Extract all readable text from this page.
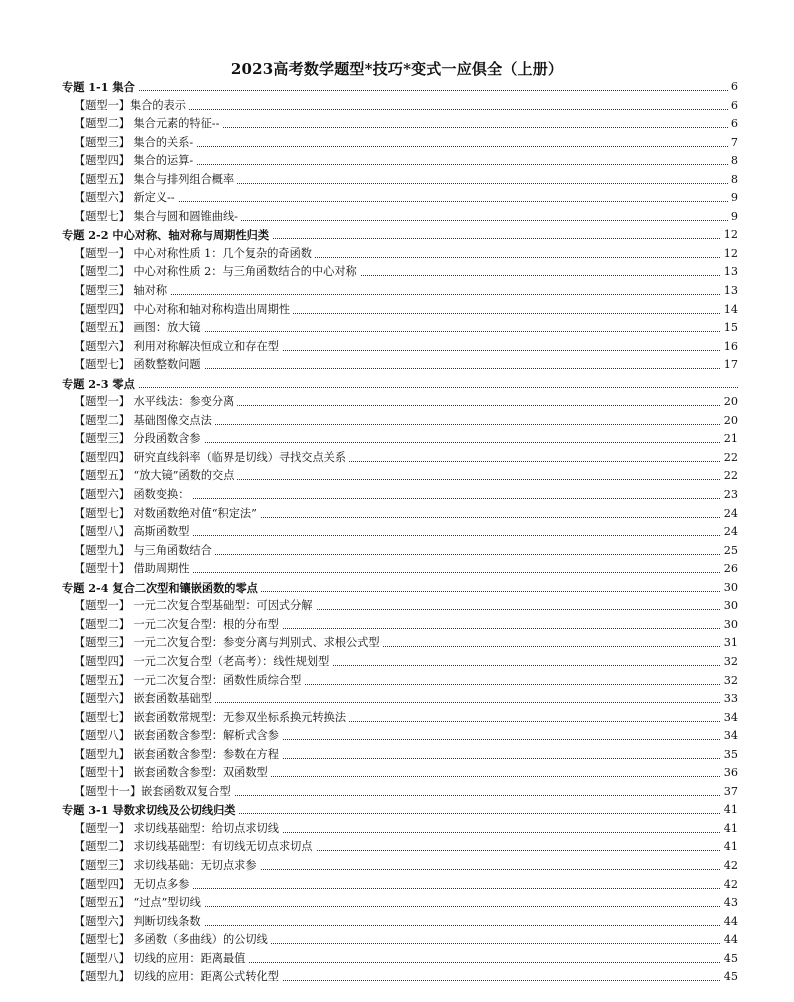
2023高考数学题型*技巧*变式一应俱全（上册）
专题 1-1 集合	6
【题型一】集合的表示	6
【题型二】 集合元素的特征--	6
【题型三】 集合的关系-	7
【题型四】 集合的运算-	8
【题型五】 集合与排列组合概率	8
【题型六】 新定义--	9
【题型七】 集合与圆和圆锥曲线-	9
专题 2-2 中心对称、轴对称与周期性归类	12
【题型一】 中心对称性质 1：几个复杂的奇函数	12
【题型二】 中心对称性质 2：与三角函数结合的中心对称	13
【题型三】 轴对称	13
【题型四】 中心对称和轴对称构造出周期性	14
【题型五】 画图：放大镜	15
【题型六】 利用对称解决恒成立和存在型	16
【题型七】 函数整数问题	17
专题 2-3 零点
【题型一】 水平线法：参变分离	20
【题型二】 基础图像交点法	20
【题型三】 分段函数含参	21
【题型四】 研究直线斜率（临界是切线）寻找交点关系	22
【题型五】 “放大镜”函数的交点	22
【题型六】 函数变换：	23
【题型七】 对数函数绝对值“积定法”	24
【题型八】 高斯函数型	24
【题型九】 与三角函数结合	25
【题型十】 借助周期性	26
专题 2-4 复合二次型和镶嵌函数的零点	30
【题型一】 一元二次复合型基础型：可因式分解	30
【题型二】 一元二次复合型：根的分布型	30
【题型三】 一元二次复合型：参变分离与判别式、求根公式型	31
【题型四】 一元二次复合型（老高考）：线性规划型	32
【题型五】 一元二次复合型：函数性质综合型	32
【题型六】 嵌套函数基础型	33
【题型七】 嵌套函数常规型：无参双坐标系换元转换法	34
【题型八】 嵌套函数含参型：解析式含参	34
【题型九】 嵌套函数含参型：参数在方程	35
【题型十】 嵌套函数含参型：双函数型	36
【题型十一】嵌套函数双复合型	37
专题 3-1 导数求切线及公切线归类	41
【题型一】 求切线基础型：给切点求切线	41
【题型二】 求切线基础型：有切线无切点求切点	41
【题型三】 求切线基础：无切点求参	42
【题型四】 无切点多参	42
【题型五】 “过点”型切线	43
【题型六】 判断切线条数	44
【题型七】 多函数（多曲线）的公切线	44
【题型八】 切线的应用：距离最值	45
【题型九】 切线的应用：距离公式转化型	45
